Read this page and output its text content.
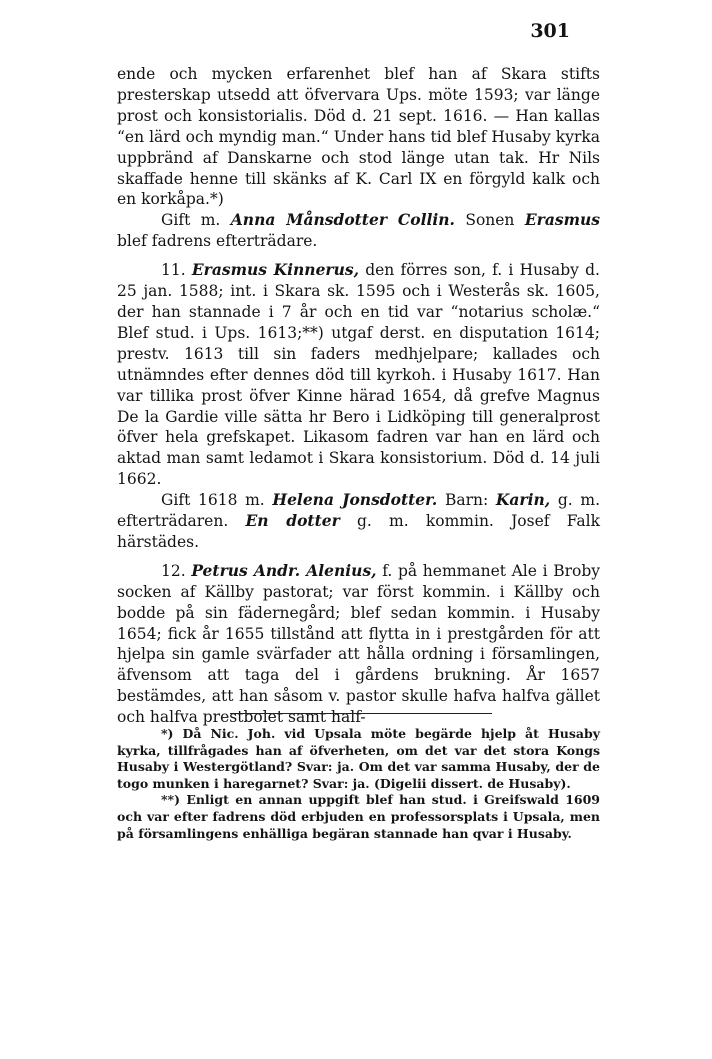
301

ende och mycken erfarenhet blef han af Skara stifts presterskap utsedd att öfvervara Ups. möte 1593; var länge prost och konsistorialis. Död d. 21 sept. 1616. — Han kallas “en lärd och myndig man.“ Under hans tid blef Husaby kyrka uppbränd af Danskarne och stod länge utan tak. Hr Nils skaffade henne till skänks af K. Carl IX en förgyld kalk och en korkåpa.*)

Gift m. Anna Månsdotter Collin. Sonen Erasmus blef fadrens efterträdare.

11. Erasmus Kinnerus, den förres son, f. i Husaby d. 25 jan. 1588; int. i Skara sk. 1595 och i Westerås sk. 1605, der han stannade i 7 år och en tid var “notarius scholæ.“ Blef stud. i Ups. 1613;**) utgaf derst. en disputation 1614; prestv. 1613 till sin faders medhjelpare; kallades och utnämndes efter dennes död till kyrkoh. i Husaby 1617. Han var tillika prost öfver Kinne härad 1654, då grefve Magnus De la Gardie ville sätta hr Bero i Lidköping till generalprost öfver hela grefskapet. Likasom fadren var han en lärd och aktad man samt ledamot i Skara konsistorium. Död d. 14 juli 1662.

Gift 1618 m. Helena Jonsdotter. Barn: Karin, g. m. efterträdaren. En dotter g. m. kommin. Josef Falk härstädes.

12. Petrus Andr. Alenius, f. på hemmanet Ale i Broby socken af Källby pastorat; var först kommin. i Källby och bodde på sin fädernegård; blef sedan kommin. i Husaby 1654; fick år 1655 tillstånd att flytta in i prestgården för att hjelpa sin gamle svärfader att hålla ordning i församlingen, äfvensom att taga del i gårdens brukning. År 1657 bestämdes, att han såsom v. pastor skulle hafva halfva gället och halfva prestbolet samt half-

*) Då Nic. Joh. vid Upsala möte begärde hjelp åt Husaby kyrka, tillfrågades han af öfverheten, om det var det stora Kongs Husaby i Westergötland? Svar: ja. Om det var samma Husaby, der de togo munken i haregarnet? Svar: ja. (Digelii dissert. de Husaby).

**) Enligt en annan uppgift blef han stud. i Greifswald 1609 och var efter fadrens död erbjuden en professorsplats i Upsala, men på församlingens enhälliga begäran stannade han qvar i Husaby.
